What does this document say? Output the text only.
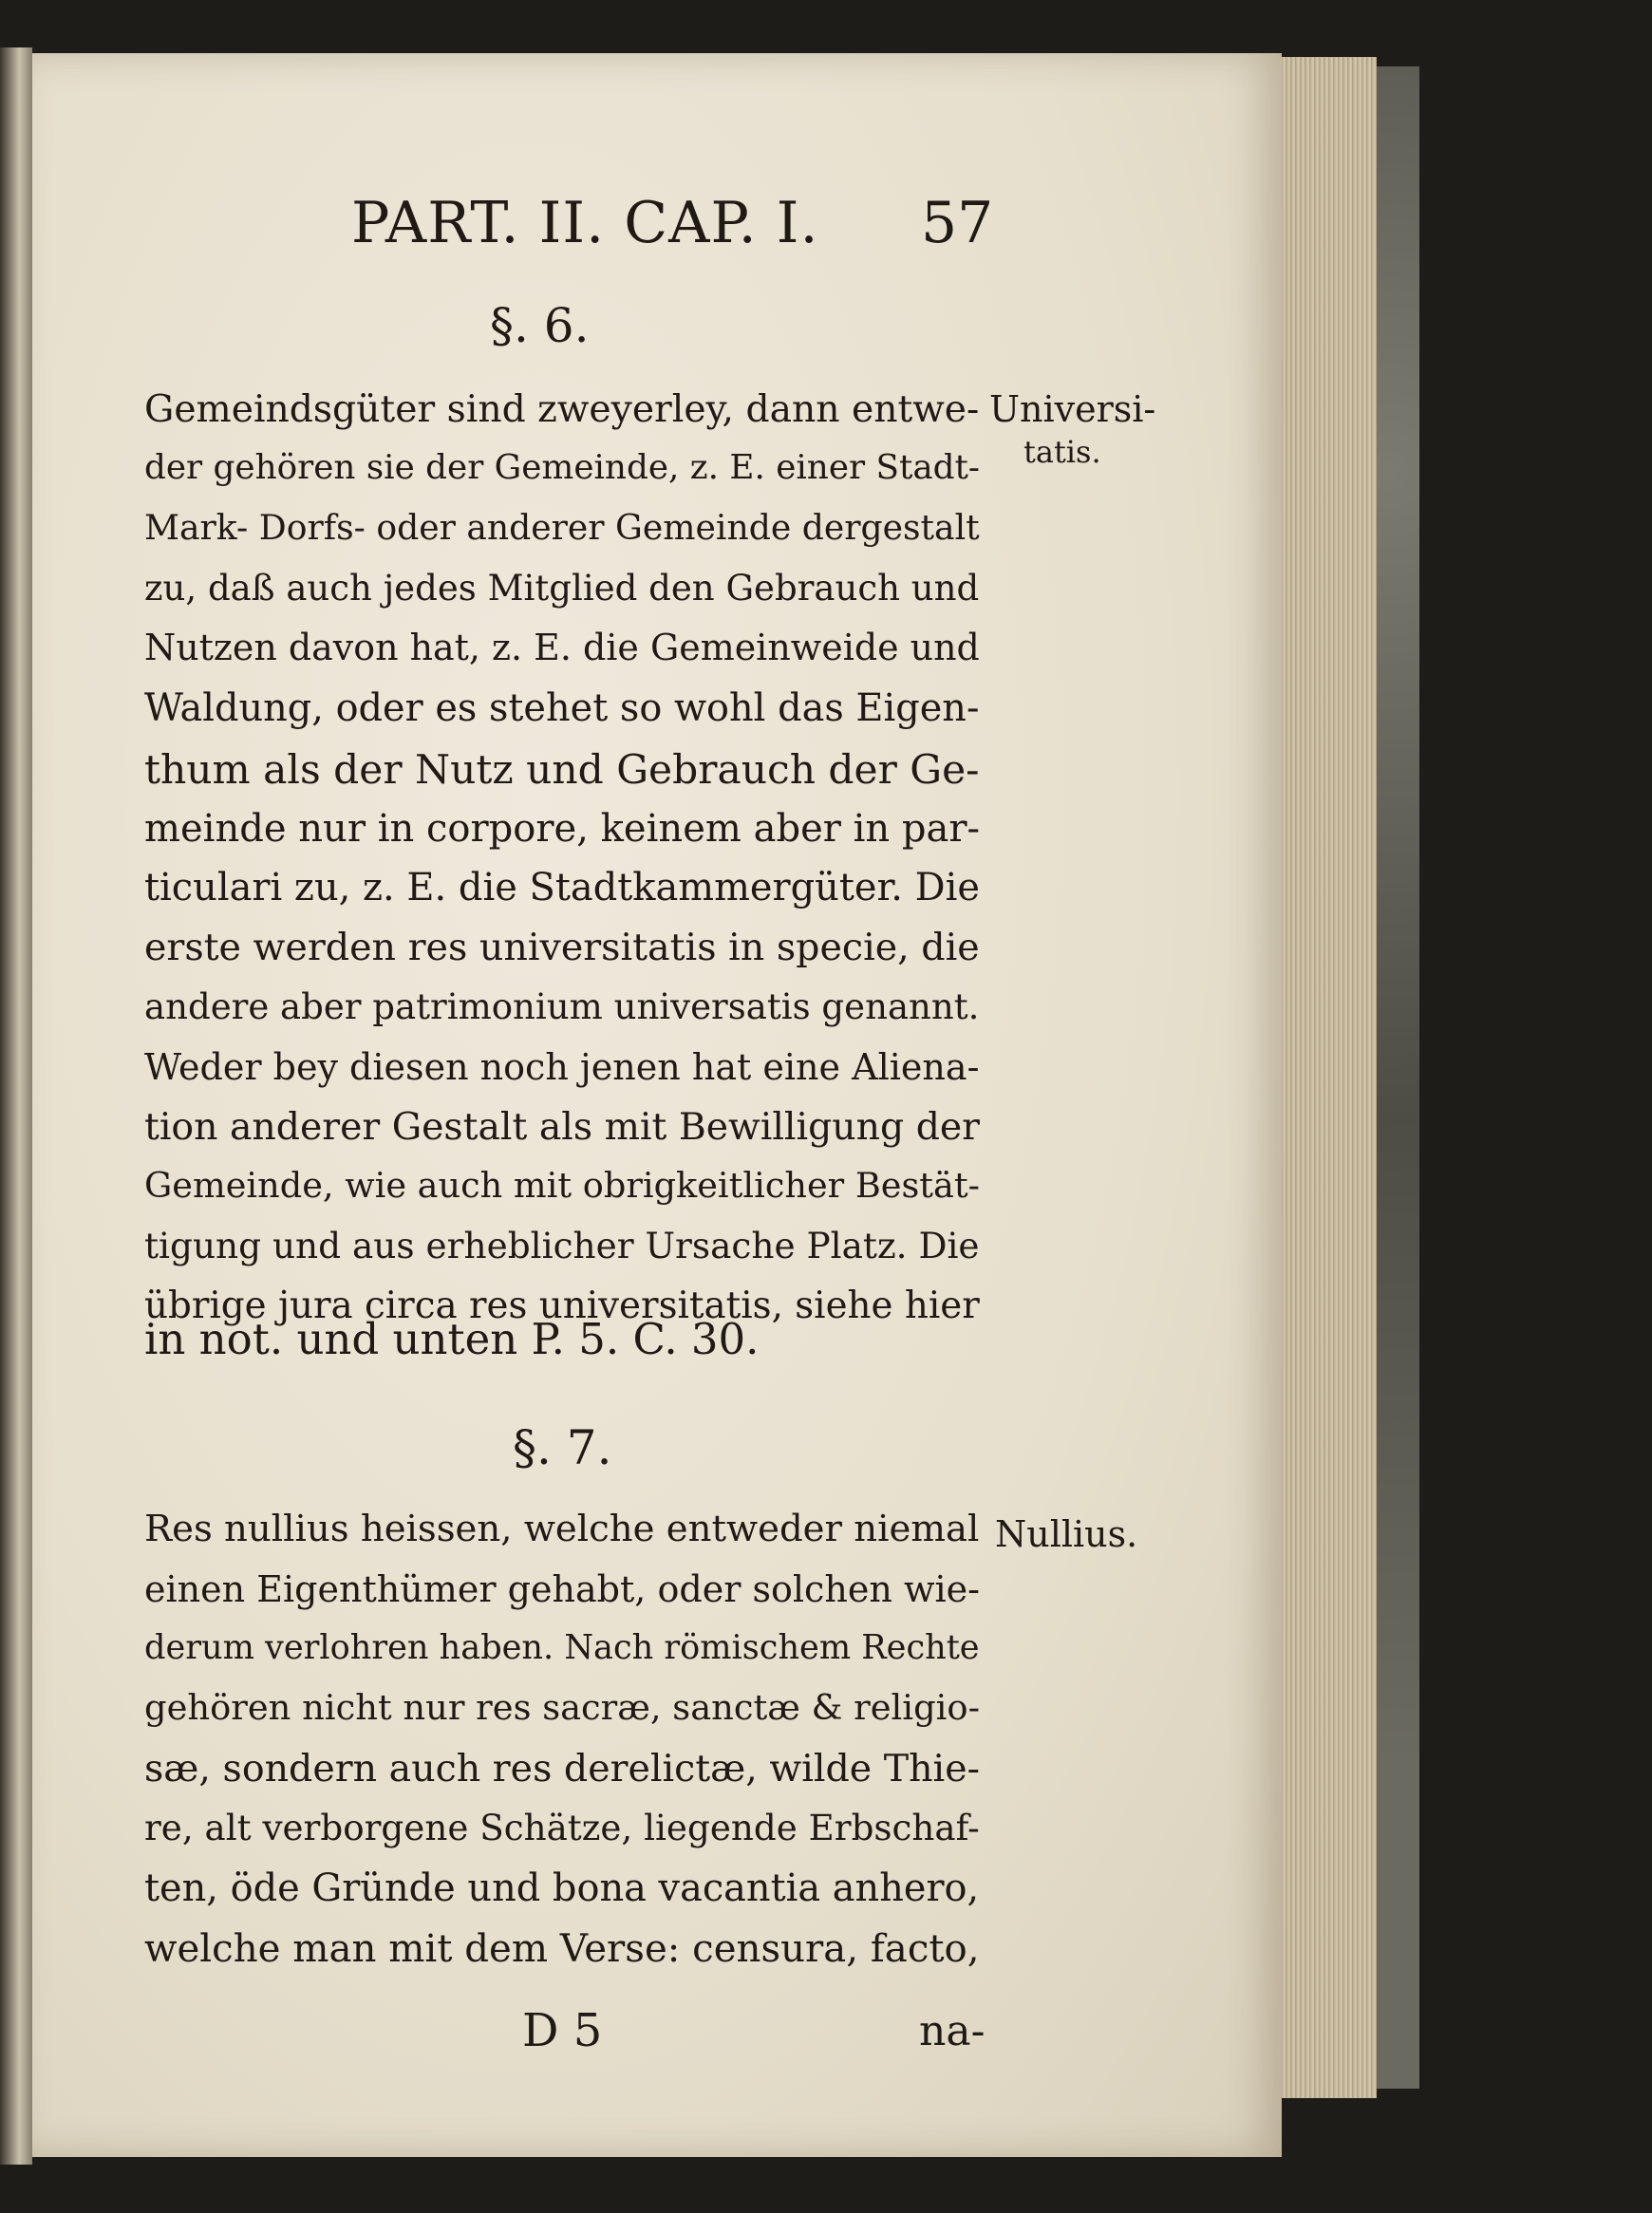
PART. II. CAP. I. 57
§. 6.
Gemeindsgüter sind zweyerley, dann entwe-
der gehören sie der Gemeinde, z. E. einer Stadt-
Mark- Dorfs- oder anderer Gemeinde dergestalt
zu, daß auch jedes Mitglied den Gebrauch und
Nutzen davon hat, z. E. die Gemeinweide und
Waldung, oder es stehet so wohl das Eigen-
thum als der Nutz und Gebrauch der Ge-
meinde nur in corpore, keinem aber in par-
ticulari zu, z. E. die Stadtkammergüter. Die
erste werden res universitatis in specie, die
andere aber patrimonium universatis genannt.
Weder bey diesen noch jenen hat eine Aliena-
tion anderer Gestalt als mit Bewilligung der
Gemeinde, wie auch mit obrigkeitlicher Bestät-
tigung und aus erheblicher Ursache Platz. Die
übrige jura circa res universitatis, siehe hier
in not. und unten P. 5. C. 30.
Universi-
tatis.
§. 7.
Res nullius heissen, welche entweder niemal
einen Eigenthümer gehabt, oder solchen wie-
derum verlohren haben. Nach römischem Rechte
gehören nicht nur res sacræ, sanctæ & religio-
sæ, sondern auch res derelictæ, wilde Thie-
re, alt verborgene Schätze, liegende Erbschaf-
ten, öde Gründe und bona vacantia anhero,
welche man mit dem Verse: censura, facto,
Nullius.
D 5	na-
